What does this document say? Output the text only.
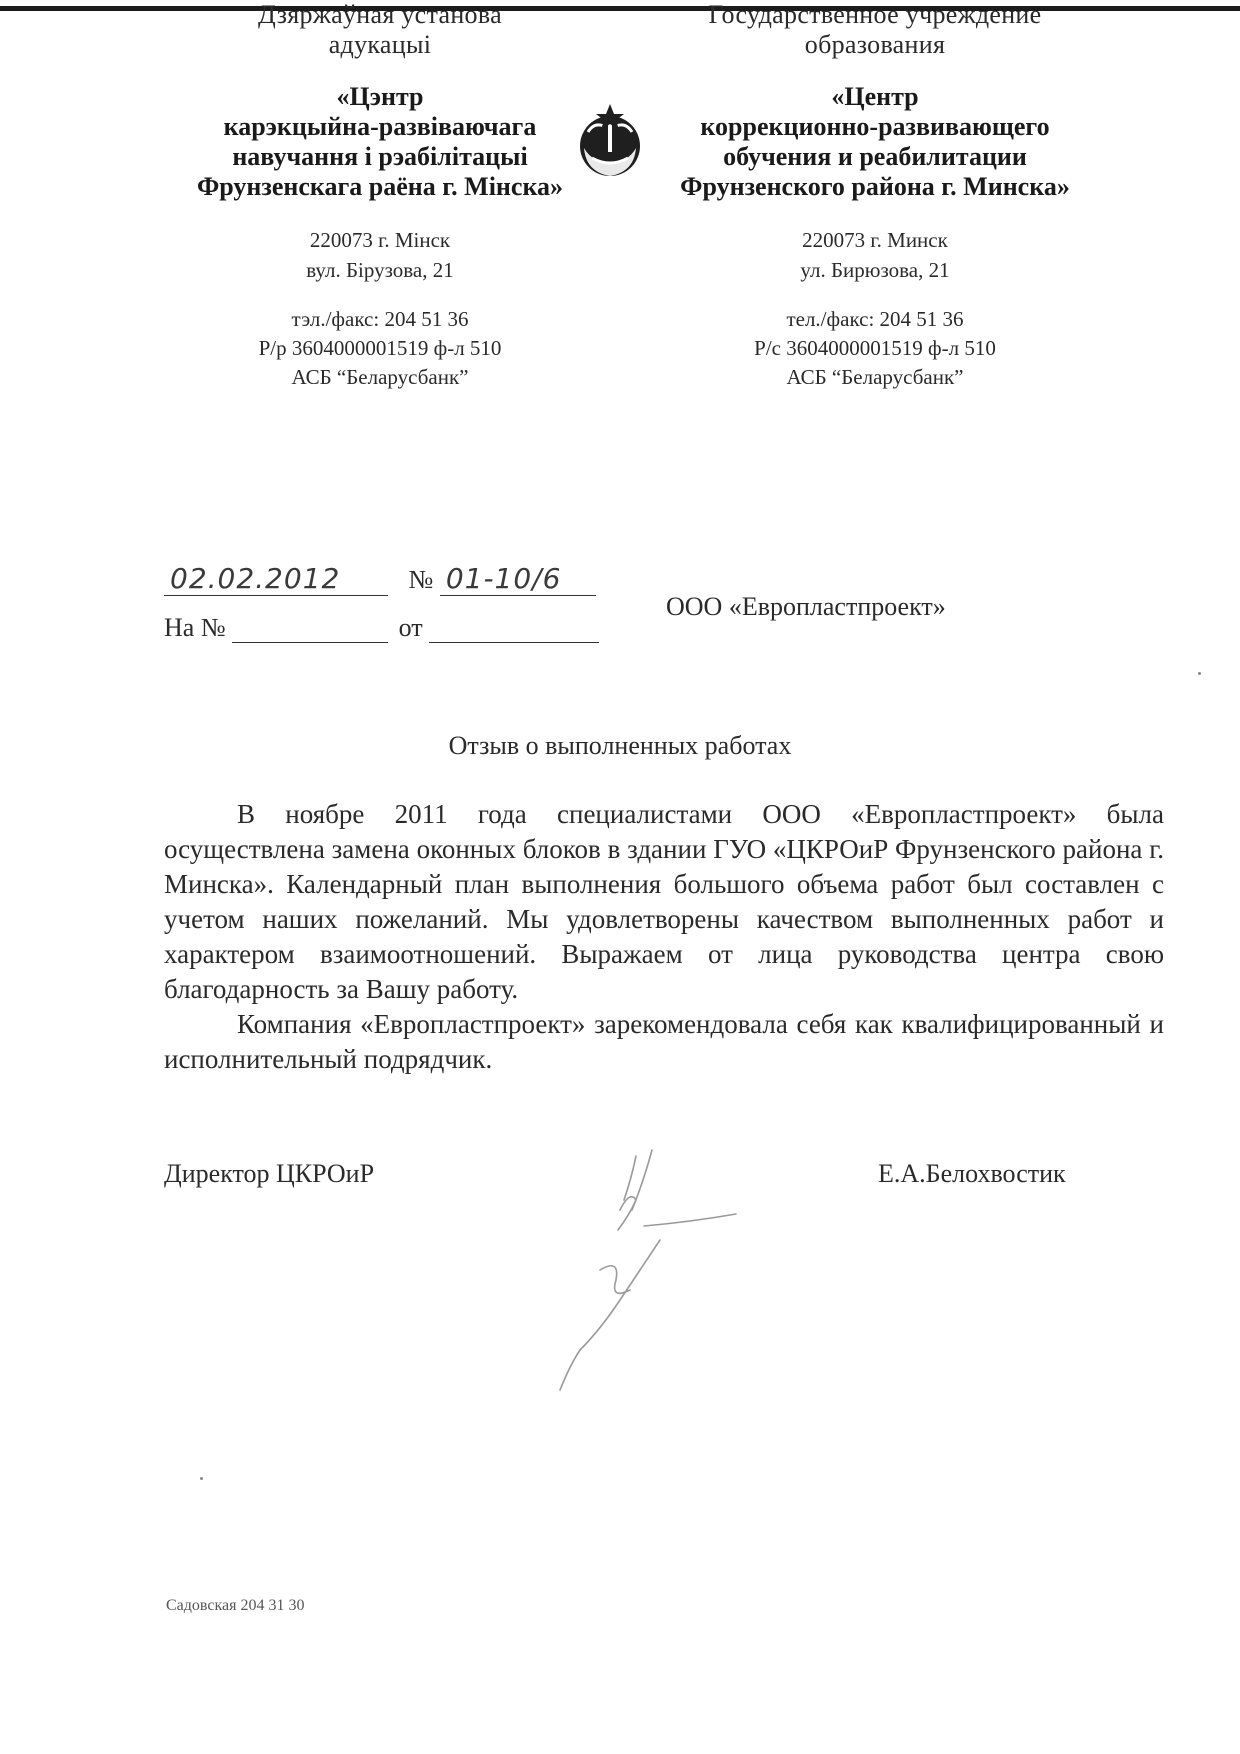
Дзяржаўная установа
адукацыі
«Цэнтр
карэкцыйна-развіваючага
навучання і рэабілітацыі
Фрунзенскага раёна г. Мінска»
220073 г. Мінск
вул. Бірузова, 21
тэл./факс: 204 51 36
Р/р 3604000001519 ф-л 510
АСБ “Беларусбанк”
Государственное учреждение
образования
«Центр
коррекционно-развивающего
обучения и реабилитации
Фрунзенского района г. Минска»
220073 г. Минск
ул. Бирюзова, 21
тел./факс: 204 51 36
Р/с 3604000001519 ф-л 510
АСБ “Беларусбанк”
02.02.2012	№ 01-10/6
На №	от
ООО «Европластпроект»
Отзыв о выполненных работах

В ноябре 2011 года специалистами ООО «Европластпроект» была осуществлена замена оконных блоков в здании ГУО «ЦКРОиР Фрунзенского района г. Минска». Календарный план выполнения большого объема работ был составлен с учетом наших пожеланий. Мы удовлетворены качеством выполненных работ и характером взаимоотношений. Выражаем от лица руководства центра свою благодарность за Вашу работу.

Компания «Европластпроект» зарекомендовала себя как квалифицированный и исполнительный подрядчик.

Директор ЦКРОиР	Е.А.Белохвостик
Садовская 204 31 30
